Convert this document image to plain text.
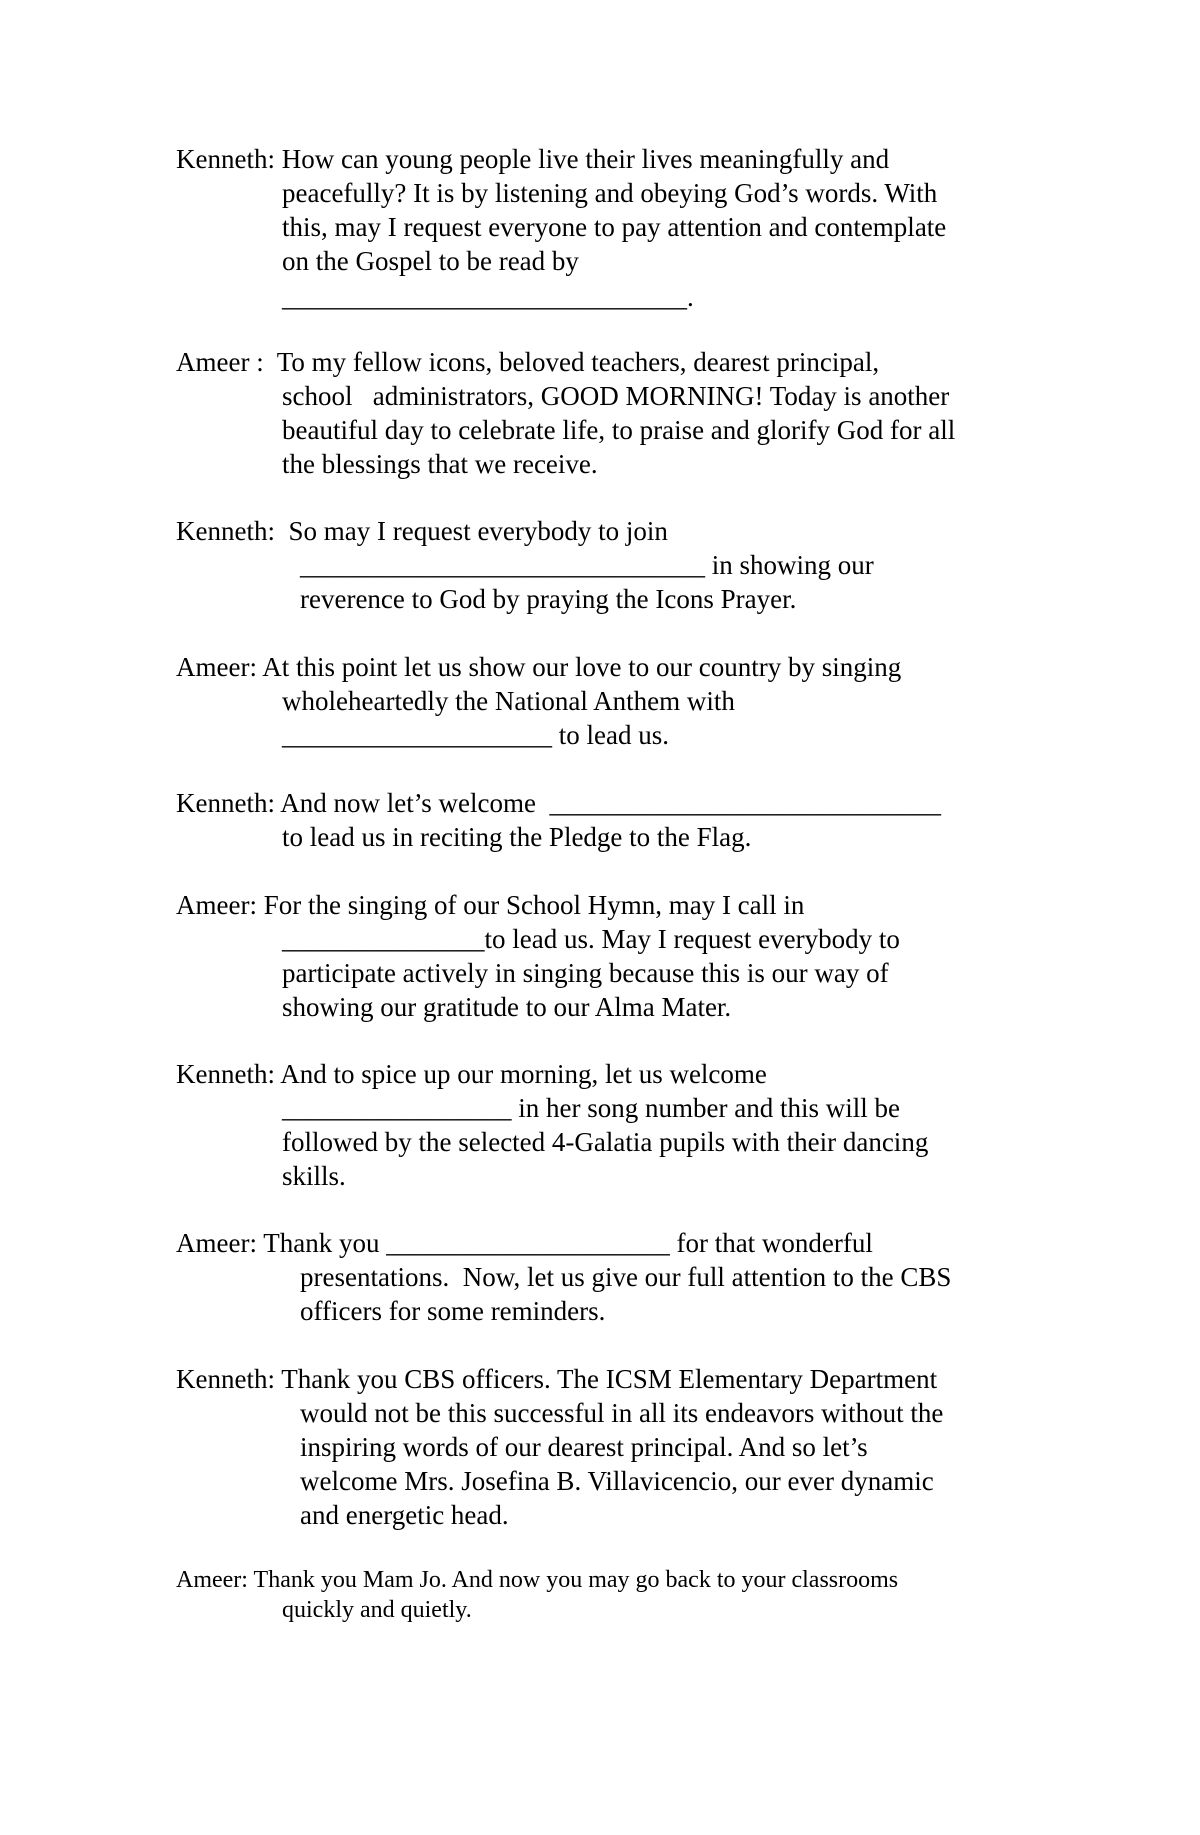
Kenneth: How can young people live their lives meaningfully and
peacefully? It is by listening and obeying God’s words. With
this, may I request everyone to pay attention and contemplate
on the Gospel to be read by
______________________________.
Ameer :  To my fellow icons, beloved teachers, dearest principal,
school   administrators, GOOD MORNING! Today is another
beautiful day to celebrate life, to praise and glorify God for all
the blessings that we receive.
Kenneth:  So may I request everybody to join
______________________________ in showing our
reverence to God by praying the Icons Prayer.
Ameer: At this point let us show our love to our country by singing
wholeheartedly the National Anthem with
____________________ to lead us.
Kenneth: And now let’s welcome  _____________________________
to lead us in reciting the Pledge to the Flag.
Ameer: For the singing of our School Hymn, may I call in
_______________to lead us. May I request everybody to
participate actively in singing because this is our way of
showing our gratitude to our Alma Mater.
Kenneth: And to spice up our morning, let us welcome
_________________ in her song number and this will be
followed by the selected 4-Galatia pupils with their dancing
skills.
Ameer: Thank you _____________________ for that wonderful
presentations.  Now, let us give our full attention to the CBS
officers for some reminders.
Kenneth: Thank you CBS officers. The ICSM Elementary Department
would not be this successful in all its endeavors without the
inspiring words of our dearest principal. And so let’s
welcome Mrs. Josefina B. Villavicencio, our ever dynamic
and energetic head.
Ameer: Thank you Mam Jo. And now you may go back to your classrooms
quickly and quietly.
